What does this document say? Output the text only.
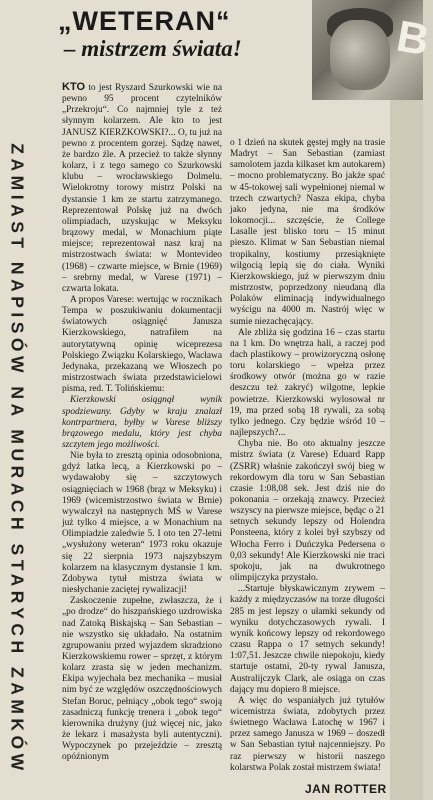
„WETERAN“
– mistrzem świata!	B
ZAMIAST NAPISÓW NA MURACH STARYCH ZAMKÓW

KTO to jest Ryszard Szurkowski wie na pewno 95 procent czytelników „Przekroju“. Co najmniej tyle z też słynnym kolarzem. Ale kto to jest JANUSZ KIERZKOWSKI?... O, tu już na pewno z procentem gorzej. Sądzę nawet, że bardzo źle. A przecież to także słynny kolarz, i z tego samego co Szurkowski klubu – wrocławskiego Dolmelu. Wielokrotny torowy mistrz Polski na dystansie 1 km ze startu zatrzymanego. Reprezentował Polskę już na dwóch olimpiadach, uzyskując w Meksyku brązowy medal, w Monachium piąte miejsce; reprezentował nasz kraj na mistrzostwach świata: w Montevideo (1968) – czwarte miejsce, w Brnie (1969) – srebrny medal, w Varese (1971) – czwarta lokata.

A propos Varese: wertując w rocznikach Tempa w poszukiwaniu dokumentacji światowych osiągnięć Janusza Kierzkowskiego, natrafiłem na autorytatywną opinię wiceprezesa Polskiego Związku Kolarskiego, Wacława Jedynaka, przekazaną we Włoszech po mistrzostwach świata przedstawicielowi pisma, red. T. Tolińskiemu:

Kierzkowski osiągnął wynik spodziewany. Gdyby w kraju znalazł kontrpartnera, byłby w Varese bliższy brązowego medalu, który jest chyba szczytem jego możliwości.

Nie była to zresztą opinia odosobniona, gdyż latka lecą, a Kierzkowski po – wydawałoby się – szczytowych osiągnięciach w 1968 (brąz w Meksyku) i 1969 (wicemistrzostwo świata w Brnie) wywalczył na następnych MŚ w Varese już tylko 4 miejsce, a w Monachium na Olimpiadzie zaledwie 5. I oto ten 27-letni „wysłużony weteran“ 1973 roku okazuje się 22 sierpnia 1973 najszybszym kolarzem na klasycznym dystansie 1 km. Zdobywa tytuł mistrza świata w niesłychanie zaciętej rywalizacji!

Zaskoczenie zupełne, zwłaszcza, że i „po drodze“ do hiszpańskiego uzdrowiska nad Zatoką Biskajską – San Sebastian – nie wszystko się układało. Na ostatnim zgrupowaniu przed wyjazdem skradziono Kierzkowskiemu rower – sprzęt, z którym kolarz zrasta się w jeden mechanizm. Ekipa wyjechała bez mechanika – musiał nim być ze względów oszczędnościowych Stefan Boruc, pełniący „obok tego“ swoją zasadniczą funkcję trenera i „obok tego“ kierownika drużyny (już więcej nic, jako że lekarz i masażysta byli autentyczni). Wypoczynek po przejeździe – zresztą opóźnionym

o 1 dzień na skutek gęstej mgły na trasie Madryt – San Sebastian (zamiast samolotem jazda kilkaset km autokarem) – mocno problematyczny. Bo jakże spać w 45-tokowej sali wypełnionej niemal w trzech czwartych? Nasza ekipa, chyba jako jedyna, nie ma środków lokomocji... szczęście, że College Lasalle jest blisko toru – 15 minut pieszo. Klimat w San Sebastian niemal tropikalny, kostiumy przesiąknięte wilgocią lepią się do ciała. Wyniki Kierzkowskiego, już w pierwszym dniu mistrzostw, poprzedzony nieudaną dla Polaków eliminacją indywidualnego wyścigu na 4000 m. Nastrój więc w sumie niezachęcający.

Ale zbliża się godzina 16 – czas startu na 1 km. Do wnętrza hali, a raczej pod dach plastikowy – prowizoryczną osłonę toru kolarskiego – wpełza przez środkowy otwór (można go w razie deszczu też zakryć) wilgotne, lepkie powietrze. Kierzkowski wylosował nr 19, ma przed sobą 18 rywali, za sobą tylko jednego. Czy będzie wśród 10 – najlepszych?...

Chyba nie. Bo oto aktualny jeszcze mistrz świata (z Varese) Eduard Rapp (ZSRR) właśnie zakończył swój bieg w rekordowym dla toru w San Sebastian czasie 1:08,08 sek. Jest dziś nie do pokonania – orzekają znawcy. Przecież wszyscy na pierwsze miejsce, będąc o 21 setnych sekundy lepszy od Holendra Ponsteena, który z kolei był szybszy od Włocha Ferro i Duńczyka Pedersena o 0,03 sekundy! Ale Kierzkowski nie traci spokoju, jak na dwukrotnego olimpijczyka przystało.

...Startuje błyskawicznym zrywem – każdy z międzyczasów na torze długości 285 m jest lepszy o ułamki sekundy od wyniku dotychczasowych rywali. I wynik końcowy lepszy od rekordowego czasu Rappa o 17 setnych sekundy! 1:07,51. Jeszcze chwile niepokoju, kiedy startuje ostatni, 20-ty rywal Janusza, Australijczyk Clark, ale osiąga on czas dający mu dopiero 8 miejsce.

A więc do wspaniałych już tytułów wicemistrza świata, zdobytych przez świetnego Wacława Latochę w 1967 i przez samego Janusza w 1969 – doszedł w San Sebastian tytuł najcenniejszy. Po raz pierwszy w historii naszego kolarstwa Polak został mistrzem świata!

JAN ROTTER
